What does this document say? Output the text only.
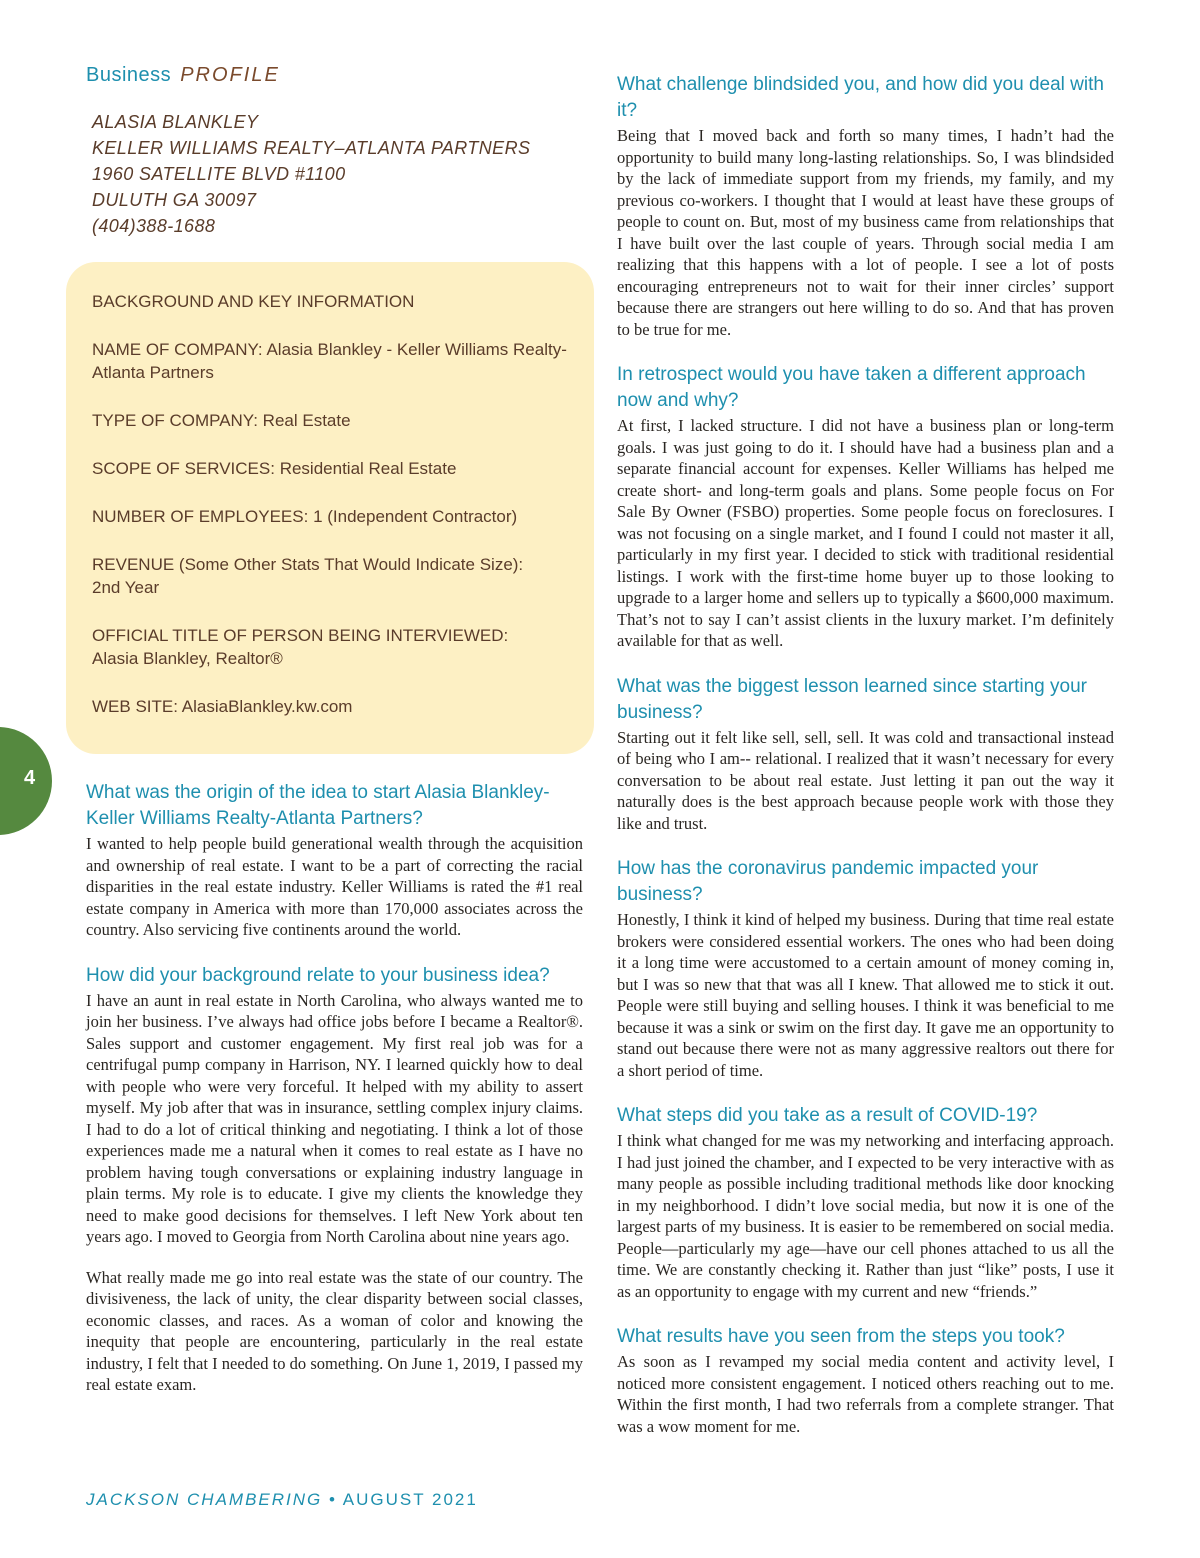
Business PROFILE
ALASIA BLANKLEY
KELLER WILLIAMS REALTY–ATLANTA PARTNERS
1960 SATELLITE BLVD #1100
DULUTH GA 30097
(404)388-1688
BACKGROUND AND KEY INFORMATION
NAME OF COMPANY: Alasia Blankley - Keller Williams Realty-Atlanta Partners
TYPE OF COMPANY: Real Estate
SCOPE OF SERVICES: Residential Real Estate
NUMBER OF EMPLOYEES: 1 (Independent Contractor)
REVENUE (Some Other Stats That Would Indicate Size):
2nd Year
OFFICIAL TITLE OF PERSON BEING INTERVIEWED:
Alasia Blankley, Realtor®
WEB SITE: AlasiaBlankley.kw.com
4

What was the origin of the idea to start Alasia Blankley-Keller Williams Realty-Atlanta Partners?

I wanted to help people build generational wealth through the acquisition and ownership of real estate. I want to be a part of correcting the racial disparities in the real estate industry. Keller Williams is rated the #1 real estate company in America with more than 170,000 associates across the country. Also servicing five continents around the world.

How did your background relate to your business idea?

I have an aunt in real estate in North Carolina, who always wanted me to join her business. I’ve always had office jobs before I became a Realtor®. Sales support and customer engagement. My first real job was for a centrifugal pump company in Harrison, NY. I learned quickly how to deal with people who were very forceful. It helped with my ability to assert myself. My job after that was in insurance, settling complex injury claims. I had to do a lot of critical thinking and negotiating. I think a lot of those experiences made me a natural when it comes to real estate as I have no problem having tough conversations or explaining industry language in plain terms. My role is to educate. I give my clients the knowledge they need to make good decisions for themselves. I left New York about ten years ago. I moved to Georgia from North Carolina about nine years ago.

What really made me go into real estate was the state of our country. The divisiveness, the lack of unity, the clear disparity between social classes, economic classes, and races. As a woman of color and knowing the inequity that people are encountering, particularly in the real estate industry, I felt that I needed to do something. On June 1, 2019, I passed my real estate exam.

What challenge blindsided you, and how did you deal with it?

Being that I moved back and forth so many times, I hadn’t had the opportunity to build many long-lasting relationships. So, I was blindsided by the lack of immediate support from my friends, my family, and my previous co-workers. I thought that I would at least have these groups of people to count on. But, most of my business came from relationships that I have built over the last couple of years. Through social media I am realizing that this happens with a lot of people. I see a lot of posts encouraging entrepreneurs not to wait for their inner circles’ support because there are strangers out here willing to do so. And that has proven to be true for me.

In retrospect would you have taken a different approach now and why?

At first, I lacked structure. I did not have a business plan or long-term goals. I was just going to do it. I should have had a business plan and a separate financial account for expenses. Keller Williams has helped me create short- and long-term goals and plans. Some people focus on For Sale By Owner (FSBO) properties. Some people focus on foreclosures. I was not focusing on a single market, and I found I could not master it all, particularly in my first year. I decided to stick with traditional residential listings. I work with the first-time home buyer up to those looking to upgrade to a larger home and sellers up to typically a $600,000 maximum. That’s not to say I can’t assist clients in the luxury market. I’m definitely available for that as well.

What was the biggest lesson learned since starting your business?

Starting out it felt like sell, sell, sell. It was cold and transactional instead of being who I am-- relational. I realized that it wasn’t necessary for every conversation to be about real estate. Just letting it pan out the way it naturally does is the best approach because people work with those they like and trust.

How has the coronavirus pandemic impacted your business?

Honestly, I think it kind of helped my business. During that time real estate brokers were considered essential workers. The ones who had been doing it a long time were accustomed to a certain amount of money coming in, but I was so new that that was all I knew. That allowed me to stick it out. People were still buying and selling houses. I think it was beneficial to me because it was a sink or swim on the first day. It gave me an opportunity to stand out because there were not as many aggressive realtors out there for a short period of time.

What steps did you take as a result of COVID-19?

I think what changed for me was my networking and interfacing approach. I had just joined the chamber, and I expected to be very interactive with as many people as possible including traditional methods like door knocking in my neighborhood. I didn’t love social media, but now it is one of the largest parts of my business. It is easier to be remembered on social media. People—particularly my age—have our cell phones attached to us all the time. We are constantly checking it. Rather than just “like” posts, I use it as an opportunity to engage with my current and new “friends.”

What results have you seen from the steps you took?

As soon as I revamped my social media content and activity level, I noticed more consistent engagement. I noticed others reaching out to me. Within the first month, I had two referrals from a complete stranger. That was a wow moment for me.

JACKSON CHAMBERING • AUGUST 2021
